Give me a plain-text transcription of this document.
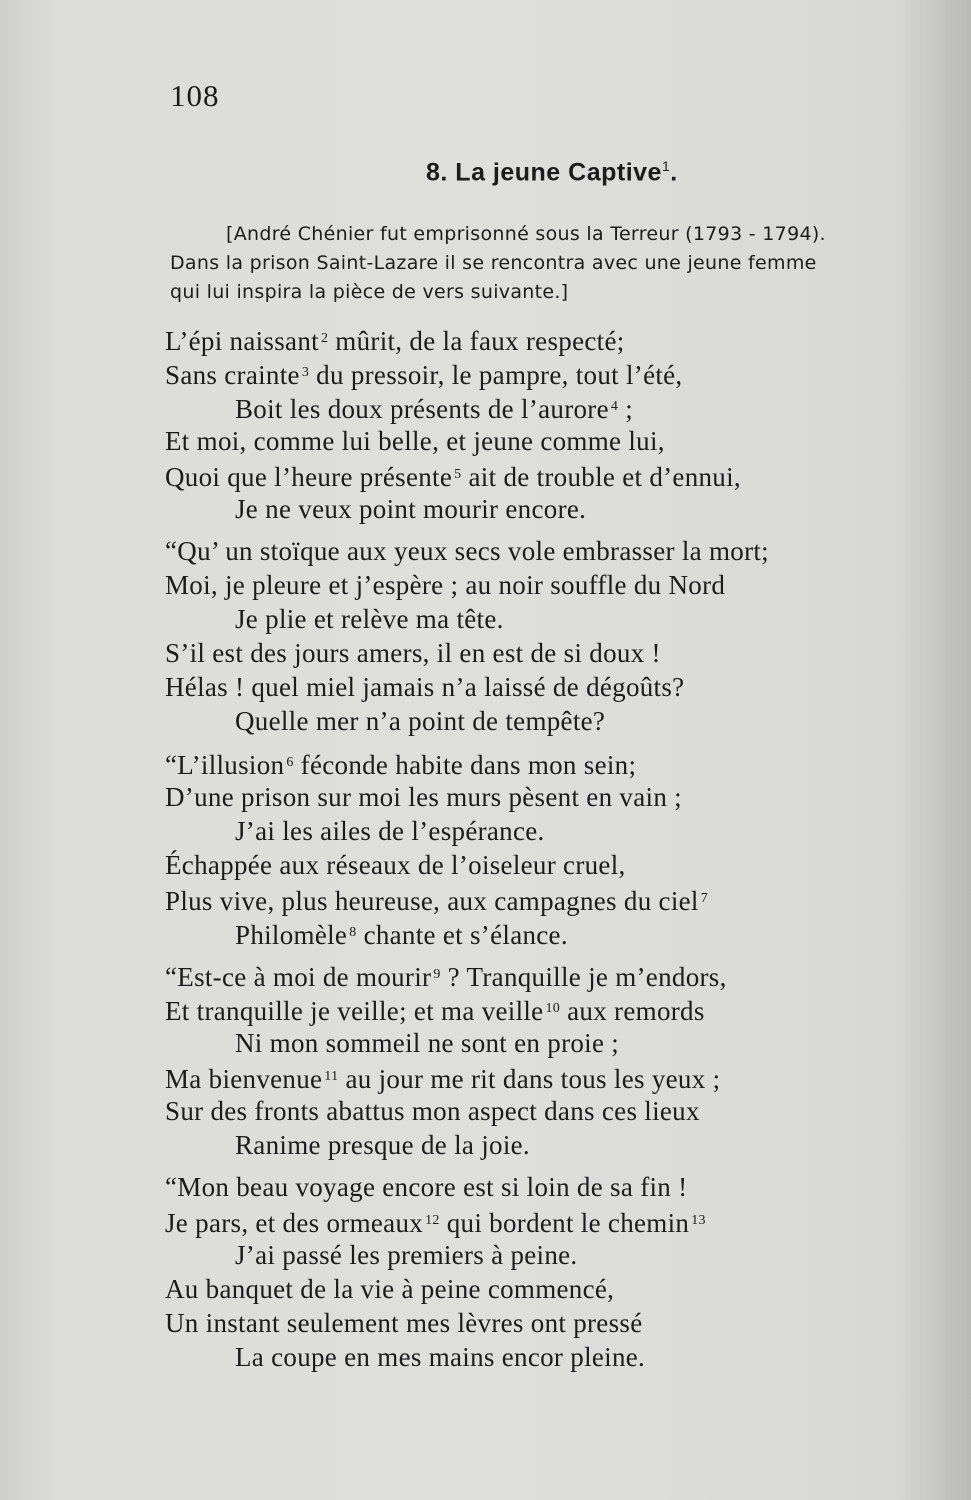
108
8. La jeune Captive$^1$.
[André Chénier fut emprisonné sous la Terreur (1793 - 1794).
Dans la prison Saint-Lazare il se rencontra avec une jeune femme
qui lui inspira la pièce de vers suivante.]
L’épi naissant $^2$ mûrit, de la faux respecté;
Sans crainte $^3$ du pressoir, le pampre, tout l’été,
Boit les doux présents de l’aurore $^4$ ;
Et moi, comme lui belle, et jeune comme lui,
Quoi que l’heure présente $^5$ ait de trouble et d’ennui,
Je ne veux point mourir encore.
“Qu’ un stoïque aux yeux secs vole embrasser la mort;
Moi, je pleure et j’espère ; au noir souffle du Nord
Je plie et relève ma tête.
S’il est des jours amers, il en est de si doux !
Hélas ! quel miel jamais n’a laissé de dégoûts?
Quelle mer n’a point de tempête?
“L’illusion $^6$ féconde habite dans mon sein;
D’une prison sur moi les murs pèsent en vain ;
J’ai les ailes de l’espérance.
Échappée aux réseaux de l’oiseleur cruel,
Plus vive, plus heureuse, aux campagnes du ciel $^7$
Philomèle $^8$ chante et s’élance.
“Est-ce à moi de mourir $^9$ ? Tranquille je m’endors,
Et tranquille je veille; et ma veille $^{10}$ aux remords
Ni mon sommeil ne sont en proie ;
Ma bienvenue $^{11}$ au jour me rit dans tous les yeux ;
Sur des fronts abattus mon aspect dans ces lieux
Ranime presque de la joie.
“Mon beau voyage encore est si loin de sa fin !
Je pars, et des ormeaux $^{12}$ qui bordent le chemin $^{13}$
J’ai passé les premiers à peine.
Au banquet de la vie à peine commencé,
Un instant seulement mes lèvres ont pressé
La coupe en mes mains encor pleine.
